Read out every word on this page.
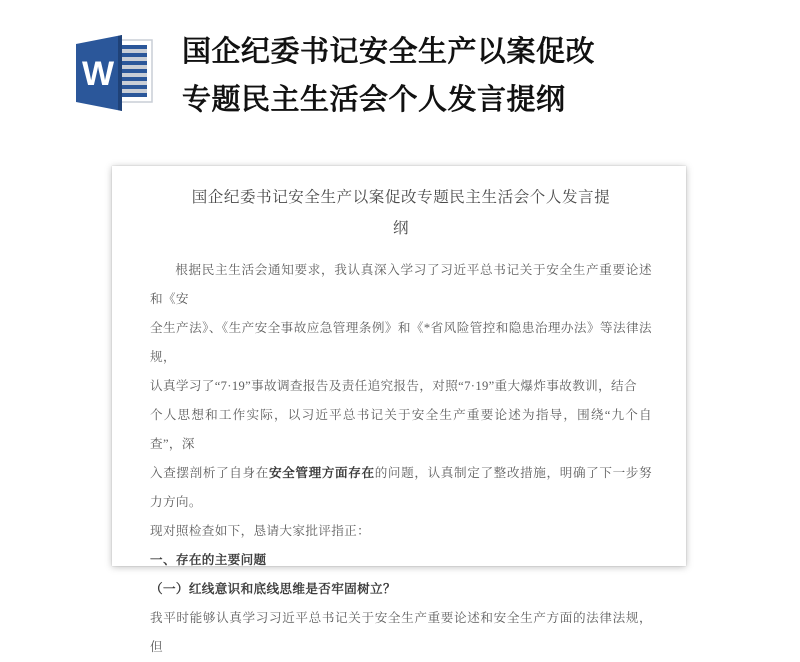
W
国企纪委书记安全生产以案促改
专题民主生活会个人发言提纲
国企纪委书记安全生产以案促改专题民主生活会个人发言提
纲

根据民主生活会通知要求，我认真深入学习了习近平总书记关于安全生产重要论述和《安

全生产法》、《生产安全事故应急管理条例》和《*省风险管控和隐患治理办法》等法律法规，

认真学习了“7·19”事故调查报告及责任追究报告，对照“7·19”重大爆炸事故教训，结合

个人思想和工作实际，以习近平总书记关于安全生产重要论述为指导，围绕“九个自查”，深

入查摆剖析了自身在安全管理方面存在的问题，认真制定了整改措施，明确了下一步努力方向。

现对照检查如下，恳请大家批评指正：

一、存在的主要问题

（一）红线意识和底线思维是否牢固树立？

我平时能够认真学习习近平总书记关于安全生产重要论述和安全生产方面的法律法规，但
